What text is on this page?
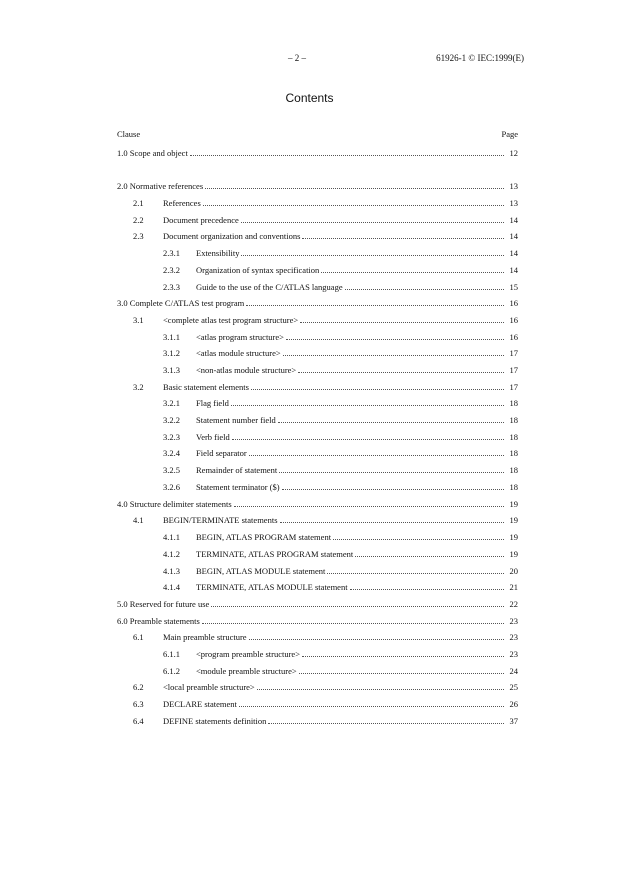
– 2 –	61926-1 © IEC:1999(E)
Contents
Clause	Page
1.0 Scope and object	12
2.0 Normative references	13
2.1	References	13
2.2	Document precedence	14
2.3	Document organization and conventions	14
2.3.1	Extensibility	14
2.3.2	Organization of syntax specification	14
2.3.3	Guide to the use of the C/ATLAS language	15
3.0 Complete C/ATLAS test program	16
3.1	<complete atlas test program structure>	16
3.1.1	<atlas program structure>	16
3.1.2	<atlas module structure>	17
3.1.3	<non-atlas module structure>	17
3.2	Basic statement elements	17
3.2.1	Flag field	18
3.2.2	Statement number field	18
3.2.3	Verb field	18
3.2.4	Field separator	18
3.2.5	Remainder of statement	18
3.2.6	Statement terminator ($)	18
4.0 Structure delimiter statements	19
4.1	BEGIN/TERMINATE statements	19
4.1.1	BEGIN, ATLAS PROGRAM statement	19
4.1.2	TERMINATE, ATLAS PROGRAM statement	19
4.1.3	BEGIN, ATLAS MODULE statement	20
4.1.4	TERMINATE, ATLAS MODULE statement	21
5.0 Reserved for future use	22
6.0 Preamble statements	23
6.1	Main preamble structure	23
6.1.1	<program preamble structure>	23
6.1.2	<module preamble structure>	24
6.2	<local preamble structure>	25
6.3	DECLARE statement	26
6.4	DEFINE statements definition	37
